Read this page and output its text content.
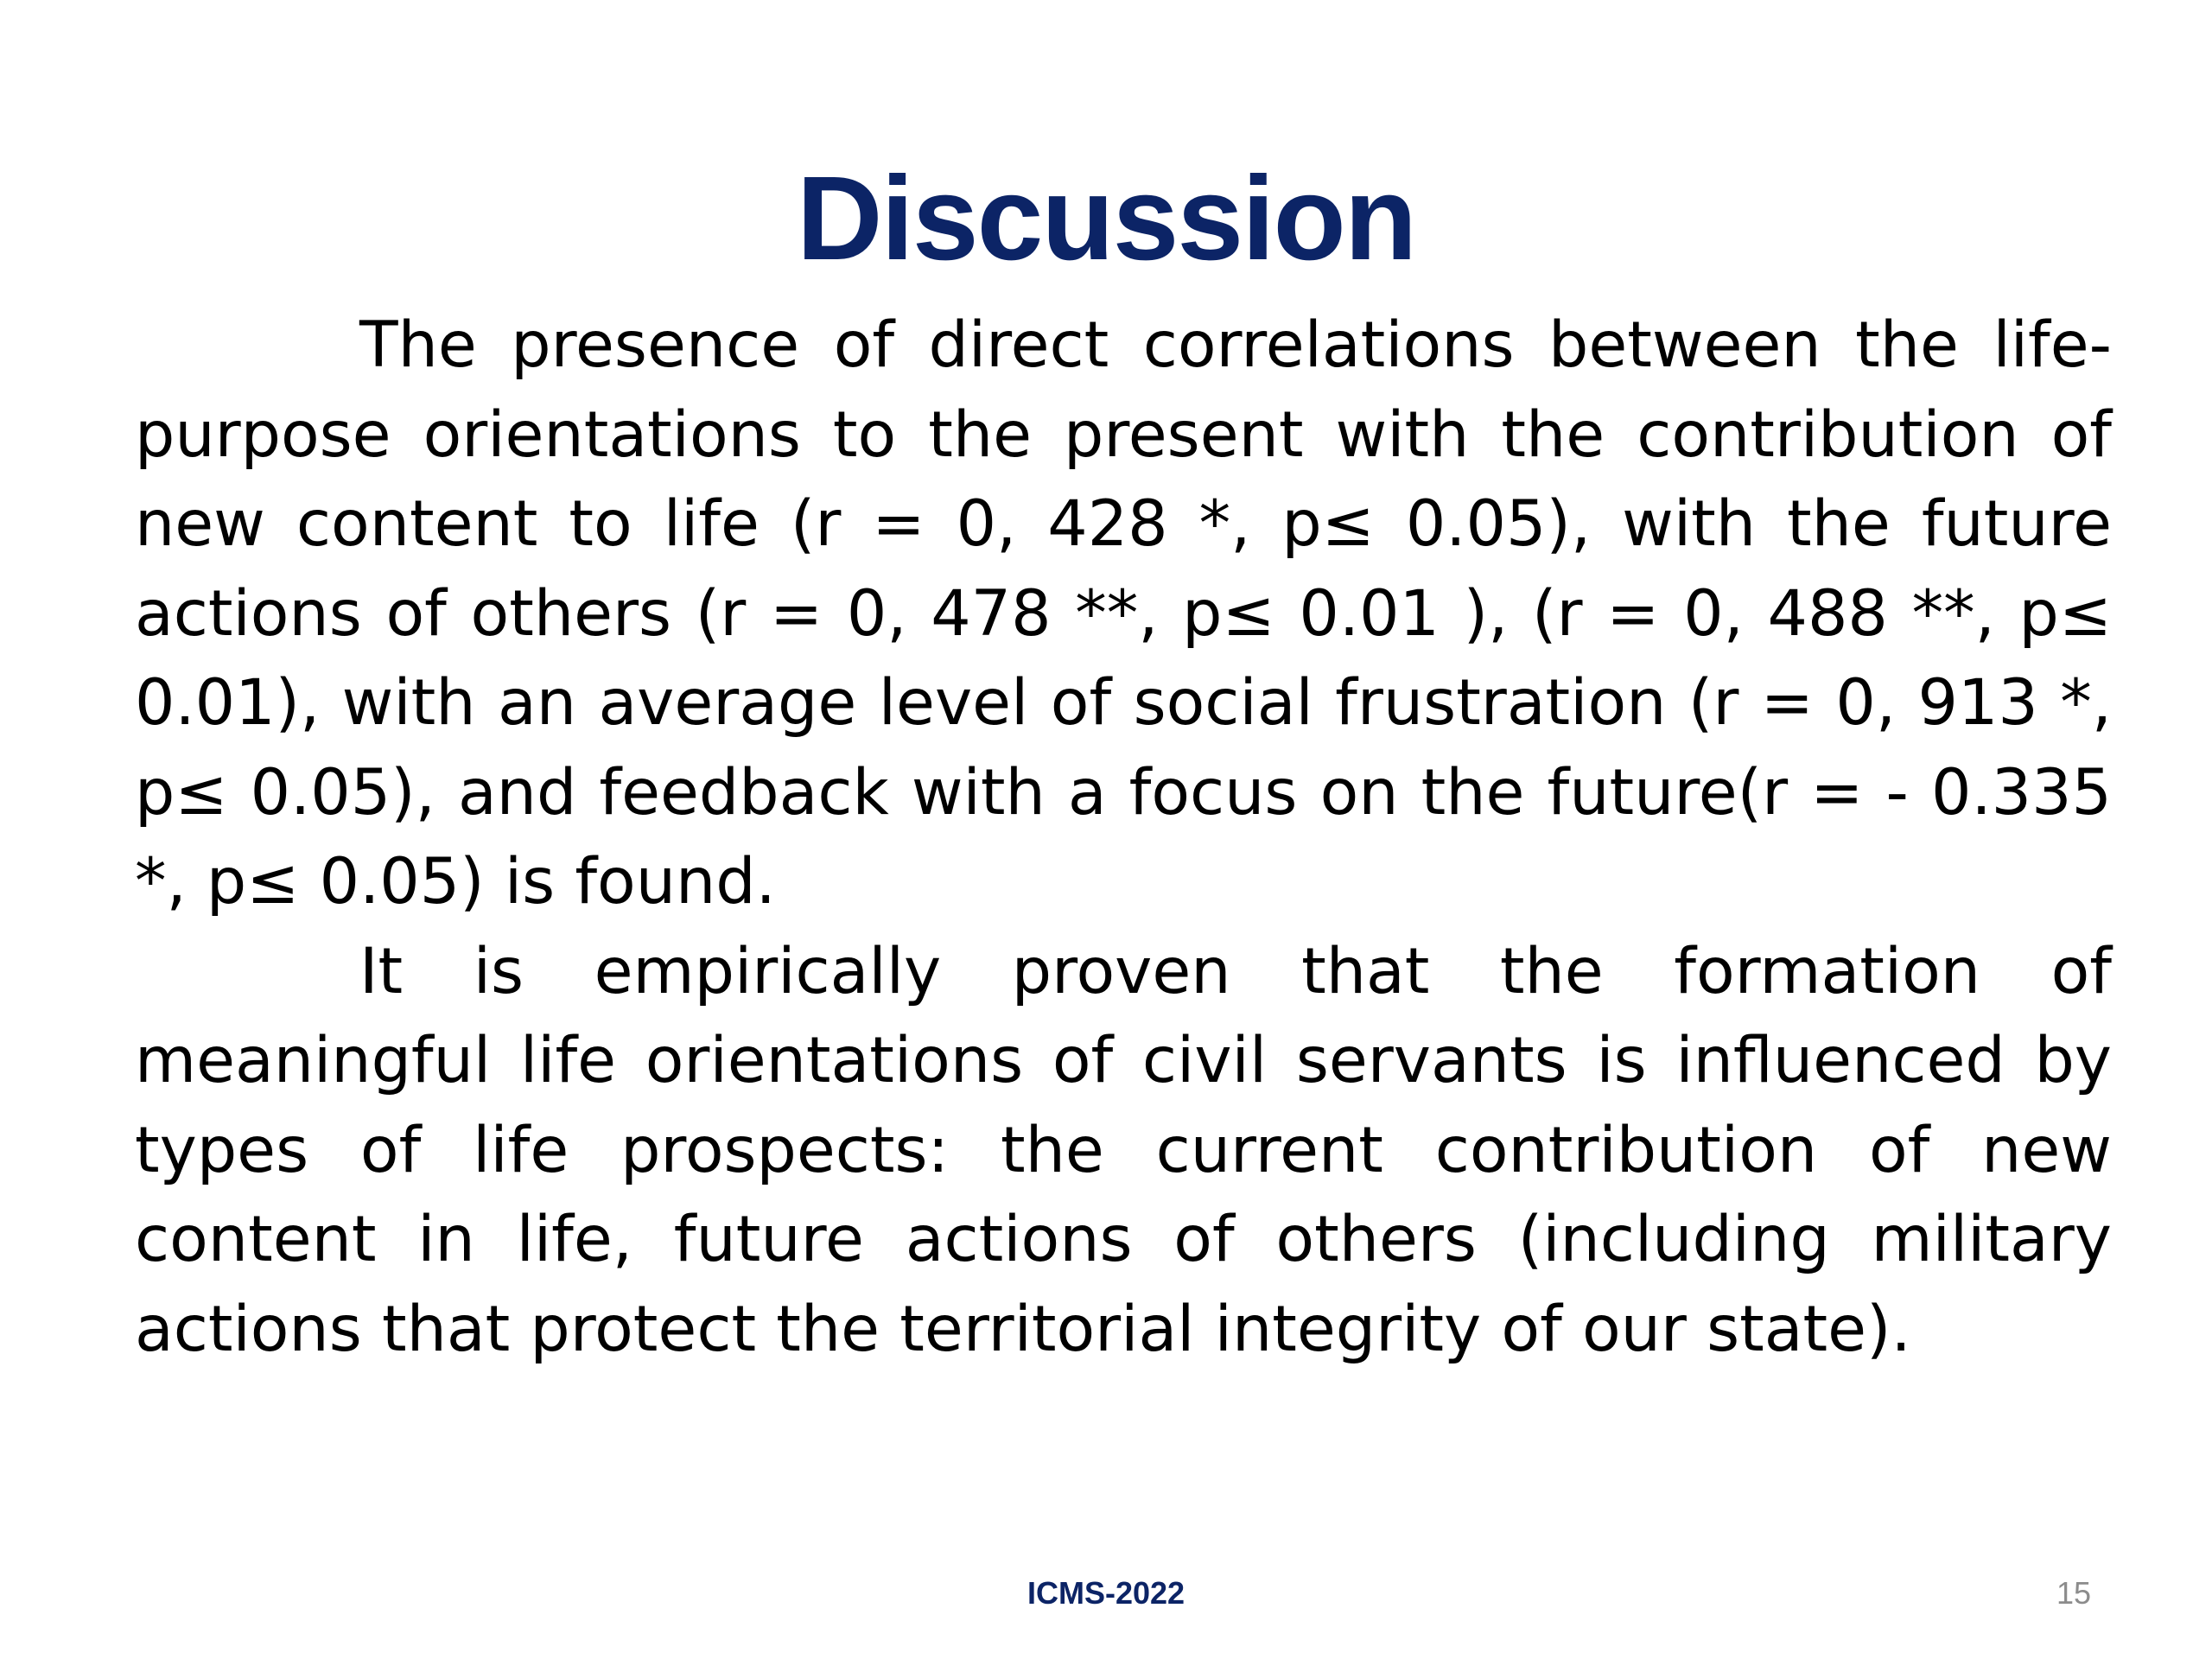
Discussion

The presence of direct correlations between the life-purpose orientations to the present with the contribution of new content to life (r = 0, 428 *, p≤ 0.05), with the future actions of others (r = 0, 478 **, p≤ 0.01 ), (r = 0, 488 **, p≤ 0.01), with an average level of social frustration (r = 0, 913 *, p≤ 0.05), and feedback with a focus on the future(r = - 0.335 *, p≤ 0.05) is found.

It is empirically proven that the formation of meaningful life orientations of civil servants is influenced by types of life prospects: the current contribution of new content in life, future actions of others (including military actions that protect the territorial integrity of our state).

ICMS-2022	15
